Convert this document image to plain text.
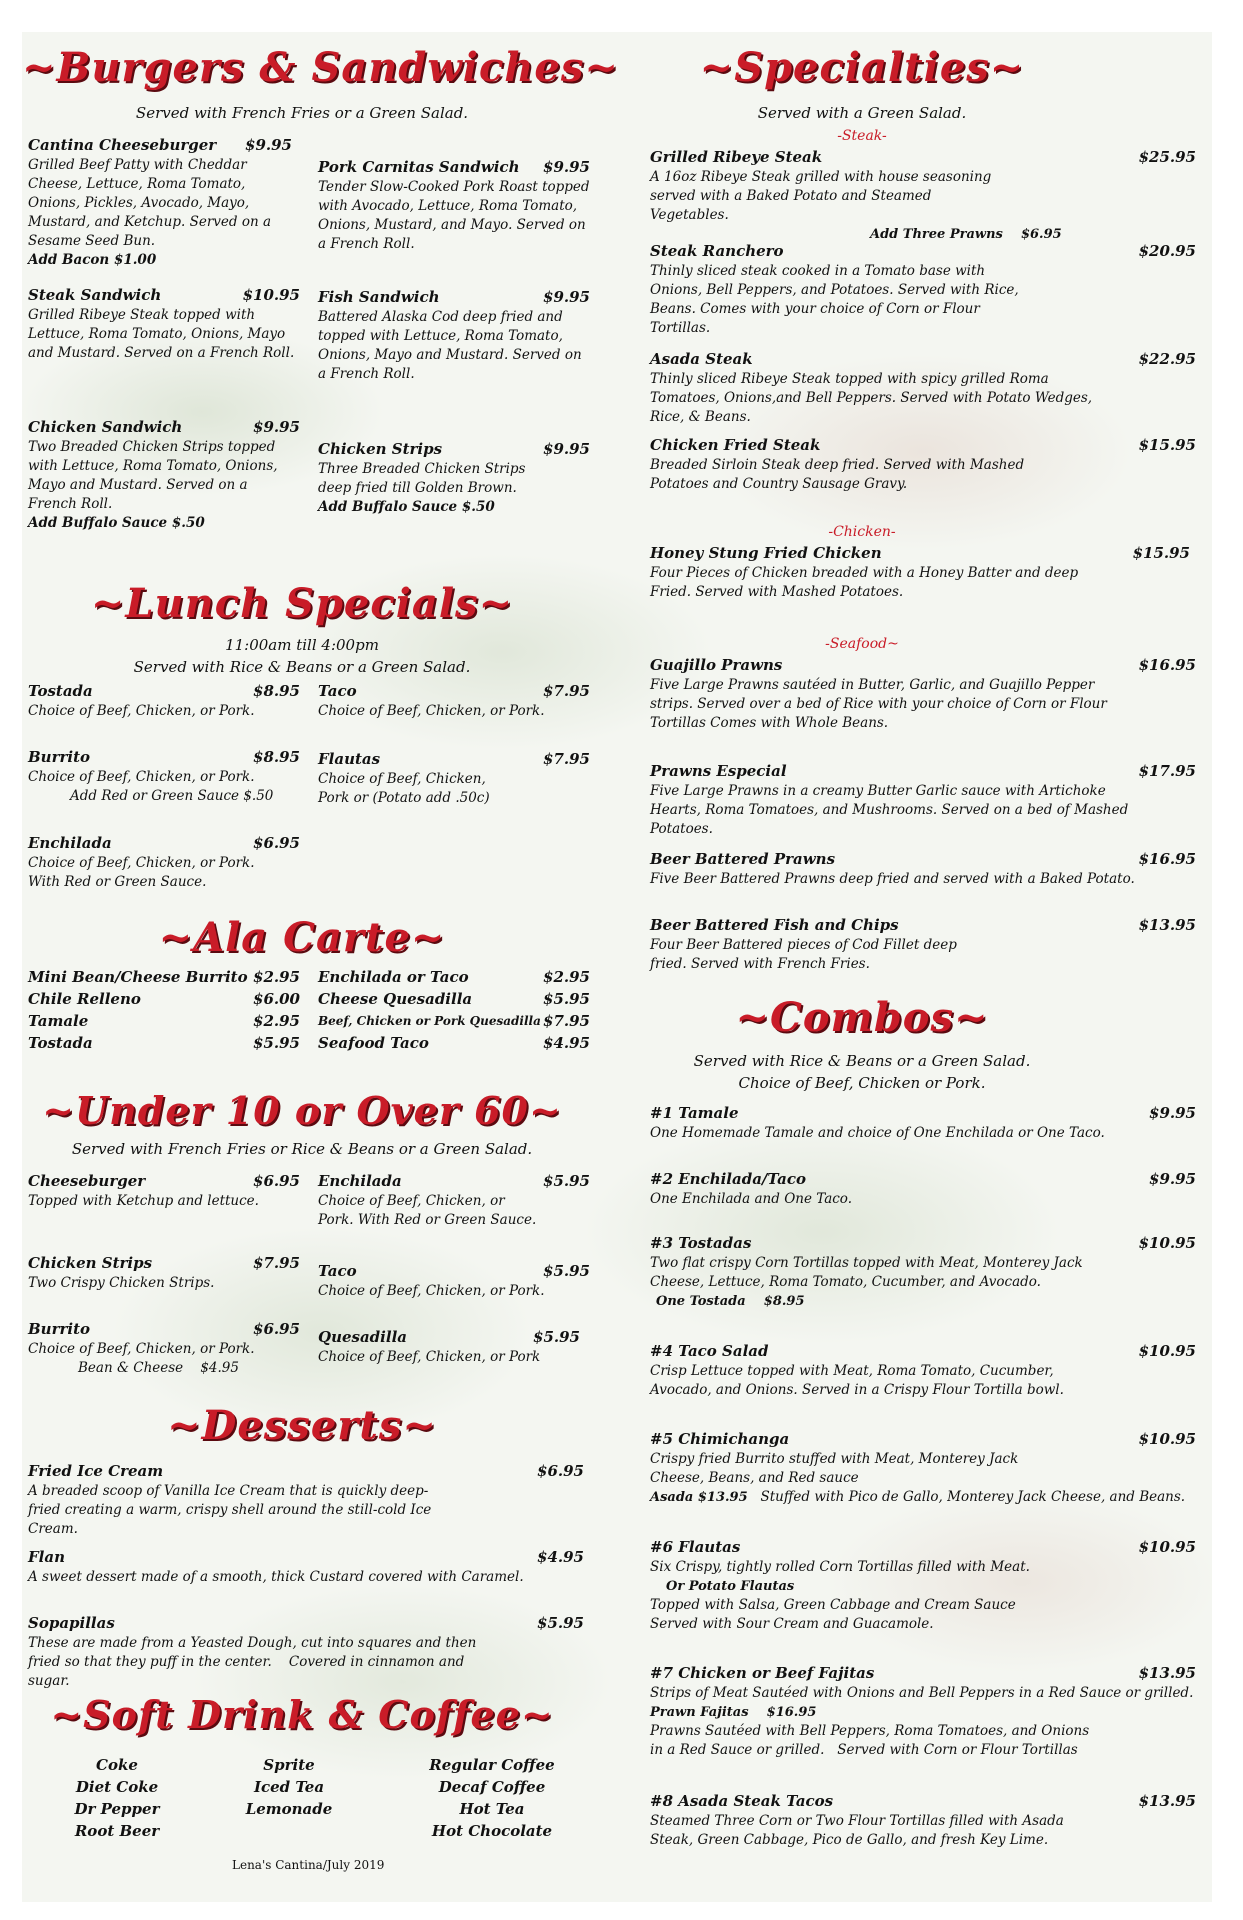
~Burgers & Sandwiches~
Served with French Fries or a Green Salad.
Cantina Cheeseburger $9.95
Grilled Beef Patty with Cheddar Cheese, Lettuce, Roma Tomato, Onions, Pickles, Avocado, Mayo, Mustard, and Ketchup. Served on a Sesame Seed Bun.
Add Bacon $1.00
Pork Carnitas Sandwich $9.95
Tender Slow-Cooked Pork Roast topped with Avocado, Lettuce, Roma Tomato, Onions, Mustard, and Mayo. Served on a French Roll.
Steak Sandwich	$10.95
Grilled Ribeye Steak topped with Lettuce, Roma Tomato, Onions, Mayo and Mustard. Served on a French Roll.
Fish Sandwich	$9.95
Battered Alaska Cod deep fried and topped with Lettuce, Roma Tomato, Onions, Mayo and Mustard. Served on a French Roll.
Chicken Sandwich	$9.95
Two Breaded Chicken Strips topped with Lettuce, Roma Tomato, Onions, Mayo and Mustard. Served on a French Roll.
Add Buffalo Sauce $.50
Chicken Strips	$9.95
Three Breaded Chicken Strips deep fried till Golden Brown.
Add Buffalo Sauce $.50
~Lunch Specials~
11:00am till 4:00pm
Served with Rice & Beans or a Green Salad.
Tostada	$8.95
Choice of Beef, Chicken, or Pork.
Taco	$7.95
Choice of Beef, Chicken, or Pork.
Burrito	$8.95
Choice of Beef, Chicken, or Pork.
Add Red or Green Sauce $.50
Flautas	$7.95
Choice of Beef, Chicken, Pork or (Potato add .50c)
Enchilada	$6.95
Choice of Beef, Chicken, or Pork. With Red or Green Sauce.
~Ala Carte~
Mini Bean/Cheese Burrito $2.95
Chile Relleno	$6.00
Tamale	$2.95
Tostada	$5.95
Enchilada or Taco	$2.95
Cheese Quesadilla	$5.95
Beef, Chicken or Pork Quesadilla $7.95
Seafood Taco	$4.95
~Under 10 or Over 60~
Served with French Fries or Rice & Beans or a Green Salad.
Cheeseburger	$6.95
Topped with Ketchup and lettuce.
Enchilada	$5.95
Choice of Beef, Chicken, or Pork. With Red or Green Sauce.
Chicken Strips	$7.95
Two Crispy Chicken Strips.
Taco	$5.95
Choice of Beef, Chicken, or Pork.
Burrito	$6.95
Choice of Beef, Chicken, or Pork.
Bean & Cheese    $4.95
Quesadilla	$5.95
Choice of Beef, Chicken, or Pork
~Desserts~
Fried Ice Cream	$6.95
A breaded scoop of Vanilla Ice Cream that is quickly deep-fried creating a warm, crispy shell around the still-cold Ice Cream.
Flan	$4.95
A sweet dessert made of a smooth, thick Custard covered with Caramel.
Sopapillas	$5.95
These are made from a Yeasted Dough, cut into squares and then fried so that they puff in the center.    Covered in cinnamon and sugar.
~Soft Drink & Coffee~
Coke
Diet Coke
Dr Pepper
Root Beer
Sprite
Iced Tea
Lemonade
Regular Coffee
Decaf Coffee
Hot Tea
Hot Chocolate
Lena's Cantina/July 2019
~Specialties~
Served with a Green Salad.
-Steak-
Grilled Ribeye Steak	$25.95
A 16oz Ribeye Steak grilled with house seasoning served with a Baked Potato and Steamed Vegetables.
Add Three Prawns    $6.95
Steak Ranchero	$20.95
Thinly sliced steak cooked in a Tomato base with Onions, Bell Peppers, and Potatoes. Served with Rice, Beans. Comes with your choice of Corn or Flour Tortillas.
Asada Steak	$22.95
Thinly sliced Ribeye Steak topped with spicy grilled Roma Tomatoes, Onions,and Bell Peppers. Served with Potato Wedges, Rice, & Beans.
Chicken Fried Steak	$15.95
Breaded Sirloin Steak deep fried. Served with Mashed Potatoes and Country Sausage Gravy.
-Chicken-
Honey Stung Fried Chicken	$15.95
Four Pieces of Chicken breaded with a Honey Batter and deep Fried. Served with Mashed Potatoes.
-Seafood~
Guajillo Prawns	$16.95
Five Large Prawns sautéed in Butter, Garlic, and Guajillo Pepper strips. Served over a bed of Rice with your choice of Corn or Flour Tortillas Comes with Whole Beans.
Prawns Especial	$17.95
Five Large Prawns in a creamy Butter Garlic sauce with Artichoke Hearts, Roma Tomatoes, and Mushrooms. Served on a bed of Mashed Potatoes.
Beer Battered Prawns	$16.95
Five Beer Battered Prawns deep fried and served with a Baked Potato.
Beer Battered Fish and Chips	$13.95
Four Beer Battered pieces of Cod Fillet deep fried. Served with French Fries.
~Combos~
Served with Rice & Beans or a Green Salad.
Choice of Beef, Chicken or Pork.
#1 Tamale	$9.95
One Homemade Tamale and choice of One Enchilada or One Taco.
#2 Enchilada/Taco	$9.95
One Enchilada and One Taco.
#3 Tostadas	$10.95
Two flat crispy Corn Tortillas topped with Meat, Monterey Jack Cheese, Lettuce, Roma Tomato, Cucumber, and Avocado.
One Tostada    $8.95
#4 Taco Salad	$10.95
Crisp Lettuce topped with Meat, Roma Tomato, Cucumber, Avocado, and Onions. Served in a Crispy Flour Tortilla bowl.
#5 Chimichanga	$10.95
Crispy fried Burrito stuffed with Meat, Monterey Jack Cheese, Beans, and Red sauce
Asada $13.95 Stuffed with Pico de Gallo, Monterey Jack Cheese, and Beans.
#6 Flautas	$10.95
Six Crispy, tightly rolled Corn Tortillas filled with Meat.
Or Potato Flautas
Topped with Salsa, Green Cabbage and Cream Sauce Served with Sour Cream and Guacamole.
#7 Chicken or Beef Fajitas	$13.95
Strips of Meat Sautéed with Onions and Bell Peppers in a Red Sauce or grilled.
Prawn Fajitas    $16.95
Prawns Sautéed with Bell Peppers, Roma Tomatoes, and Onions in a Red Sauce or grilled.   Served with Corn or Flour Tortillas
#8 Asada Steak Tacos	$13.95
Steamed Three Corn or Two Flour Tortillas filled with Asada Steak, Green Cabbage, Pico de Gallo, and fresh Key Lime.
